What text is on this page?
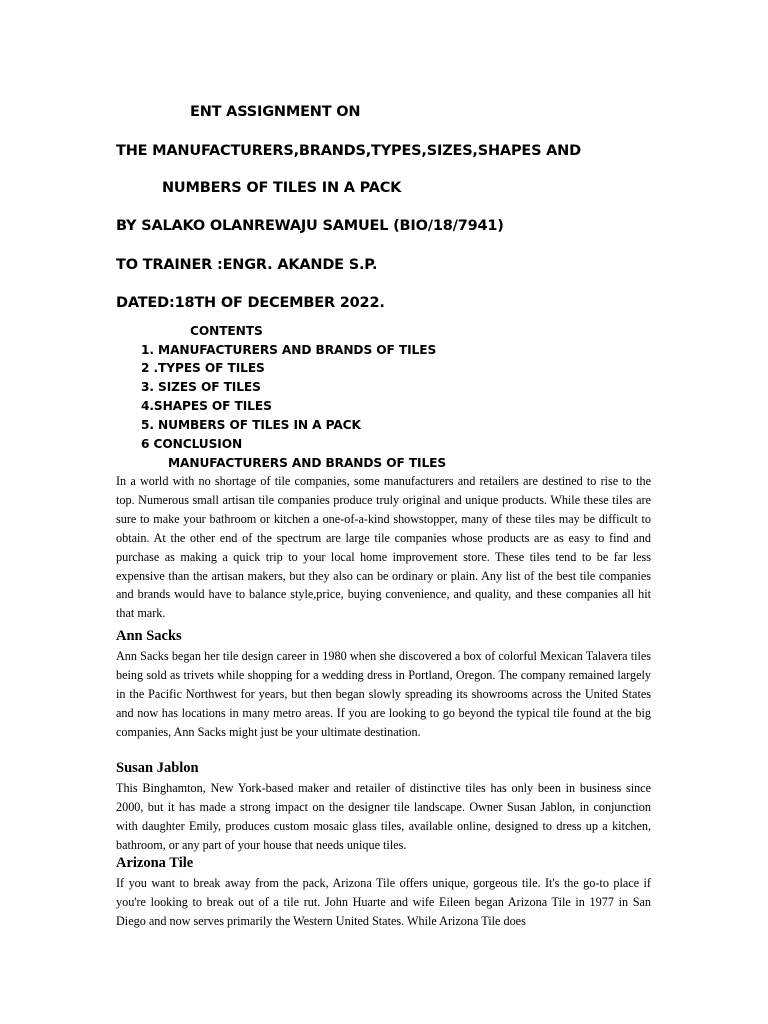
ENT ASSIGNMENT ON
THE MANUFACTURERS,BRANDS,TYPES,SIZES,SHAPES AND
NUMBERS OF TILES IN A PACK

BY SALAKO OLANREWAJU SAMUEL (BIO/18/7941)

TO TRAINER :ENGR. AKANDE S.P.

DATED:18TH OF DECEMBER 2022.

CONTENTS

1. MANUFACTURERS AND BRANDS OF TILES

2 .TYPES OF TILES

3. SIZES OF TILES

4.SHAPES OF TILES

5. NUMBERS OF TILES IN A PACK

6 CONCLUSION

MANUFACTURERS AND BRANDS OF TILES

In a world with no shortage of tile companies, some manufacturers and retailers are destined to rise to the top. Numerous small artisan tile companies produce truly original and unique products. While these tiles are sure to make your bathroom or kitchen a one-of-a-kind showstopper, many of these tiles may be difficult to obtain. At the other end of the spectrum are large tile companies whose products are as easy to find and purchase as making a quick trip to your local home improvement store. These tiles tend to be far less expensive than the artisan makers, but they also can be ordinary or plain. Any list of the best tile companies and brands would have to balance style,price, buying convenience, and quality, and these companies all hit that mark.

Ann Sacks

Ann Sacks began her tile design career in 1980 when she discovered a box of colorful Mexican Talavera tiles being sold as trivets while shopping for a wedding dress in Portland, Oregon. The company remained largely in the Pacific Northwest for years, but then began slowly spreading its showrooms across the United States and now has locations in many metro areas. If you are looking to go beyond the typical tile found at the big companies, Ann Sacks might just be your ultimate destination.

Susan Jablon

This Binghamton, New York-based maker and retailer of distinctive tiles has only been in business since 2000, but it has made a strong impact on the designer tile landscape. Owner Susan Jablon, in conjunction with daughter Emily, produces custom mosaic glass tiles, available online, designed to dress up a kitchen, bathroom, or any part of your house that needs unique tiles.

Arizona Tile

If you want to break away from the pack, Arizona Tile offers unique, gorgeous tile. It's the go-to place if you're looking to break out of a tile rut. John Huarte and wife Eileen began Arizona Tile in 1977 in San Diego and now serves primarily the Western United States. While Arizona Tile does
